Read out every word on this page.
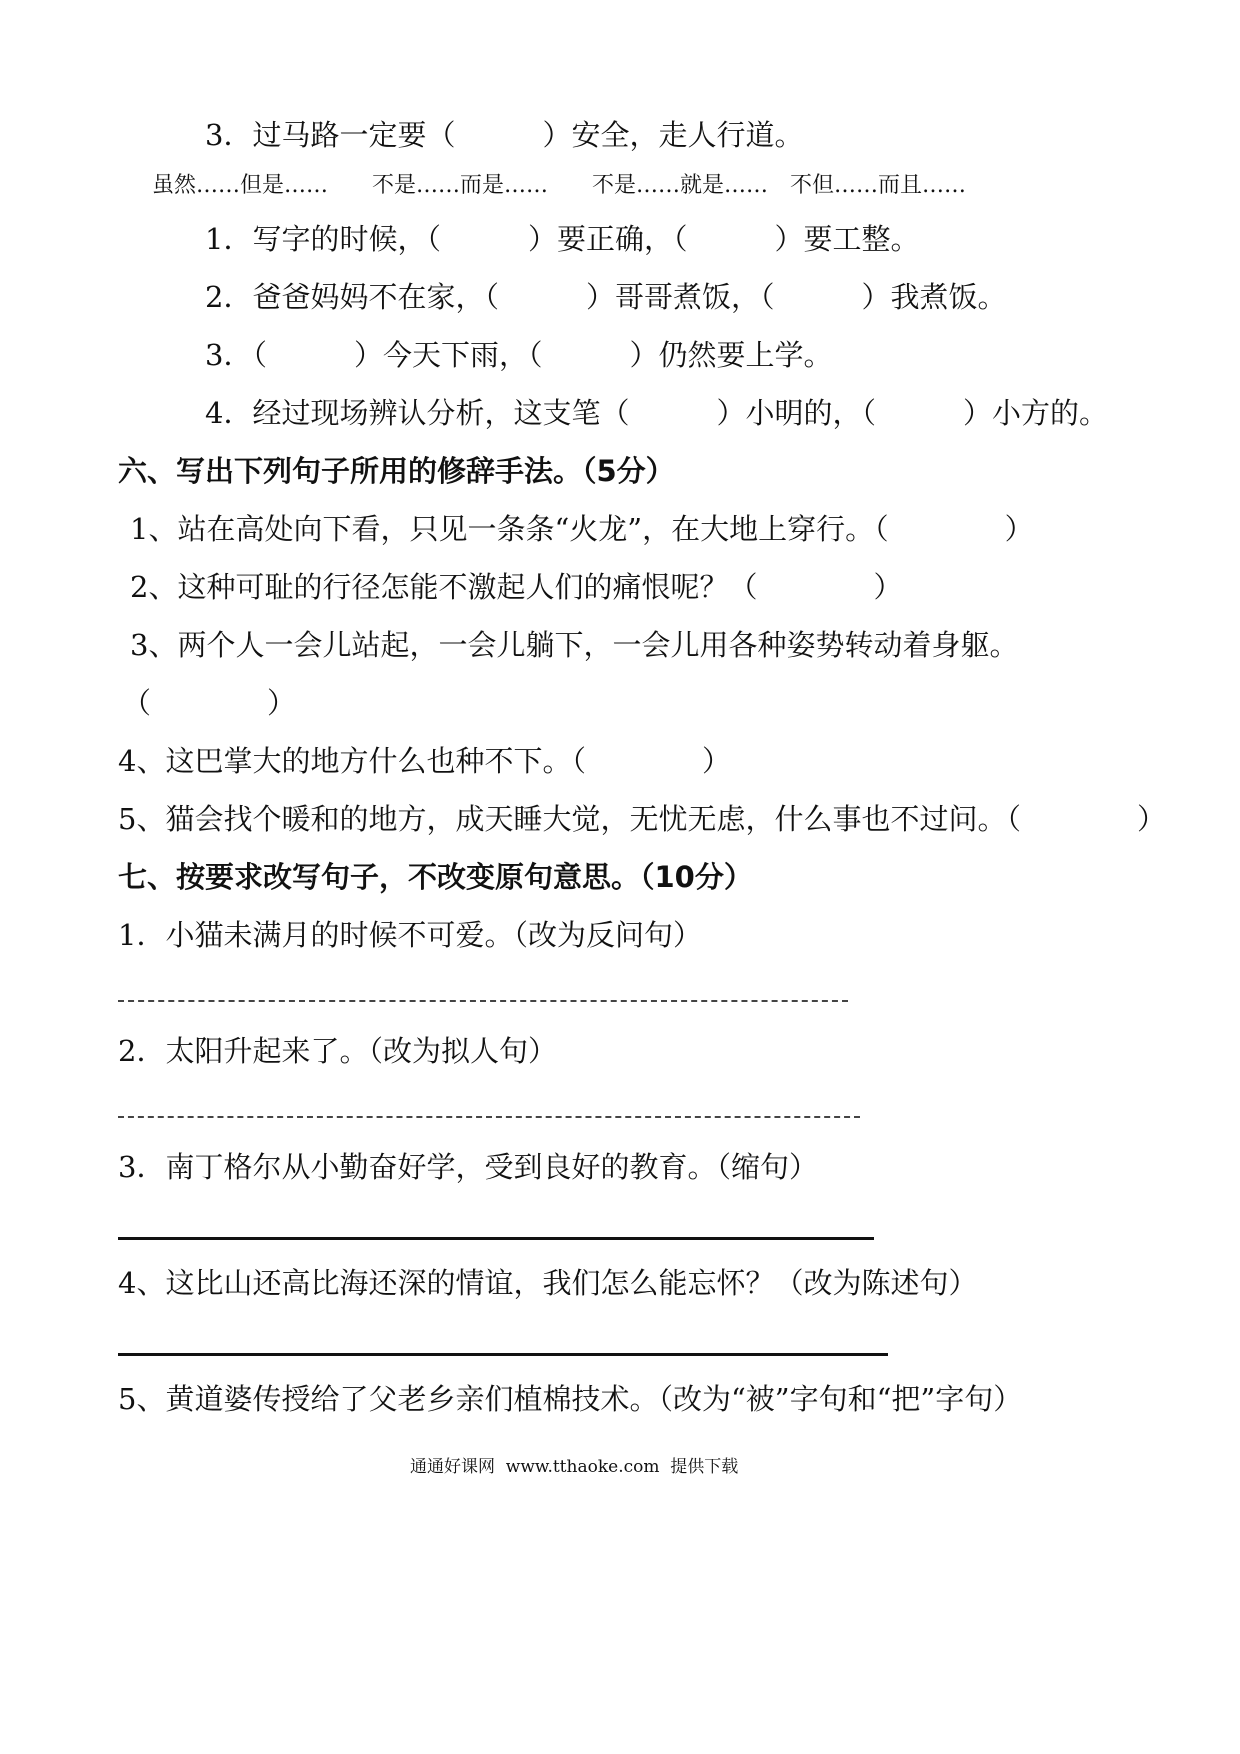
3．过马路一定要（　　　）安全，走人行道。
虽然……但是……　　不是……而是……　　不是……就是……　不但……而且……
1．写字的时候，（　　　）要正确，（　　　）要工整。
2．爸爸妈妈不在家，（　　　）哥哥煮饭，（　　　）我煮饭。
3．（　　　）今天下雨，（　　　）仍然要上学。
4．经过现场辨认分析，这支笔（　　　）小明的，（　　　）小方的。
六、写出下列句子所用的修辞手法。（5分）
1、站在高处向下看，只见一条条“火龙”，在大地上穿行。（　　　　）
2、这种可耻的行径怎能不激起人们的痛恨呢？（　　　　）
3、两个人一会儿站起，一会儿躺下，一会儿用各种姿势转动着身躯。
（　　　　）
4、这巴掌大的地方什么也种不下。（　　　　）
5、猫会找个暖和的地方，成天睡大觉，无忧无虑，什么事也不过问。（　　　　）
七、按要求改写句子，不改变原句意思。（10分）
1．小猫未满月的时候不可爱。（改为反问句）
2．太阳升起来了。（改为拟人句）
3．南丁格尔从小勤奋好学，受到良好的教育。（缩句）
4、这比山还高比海还深的情谊，我们怎么能忘怀？（改为陈述句）
5、黄道婆传授给了父老乡亲们植棉技术。（改为“被”字句和“把”字句）
通通好课网  www.tthaoke.com  提供下载
